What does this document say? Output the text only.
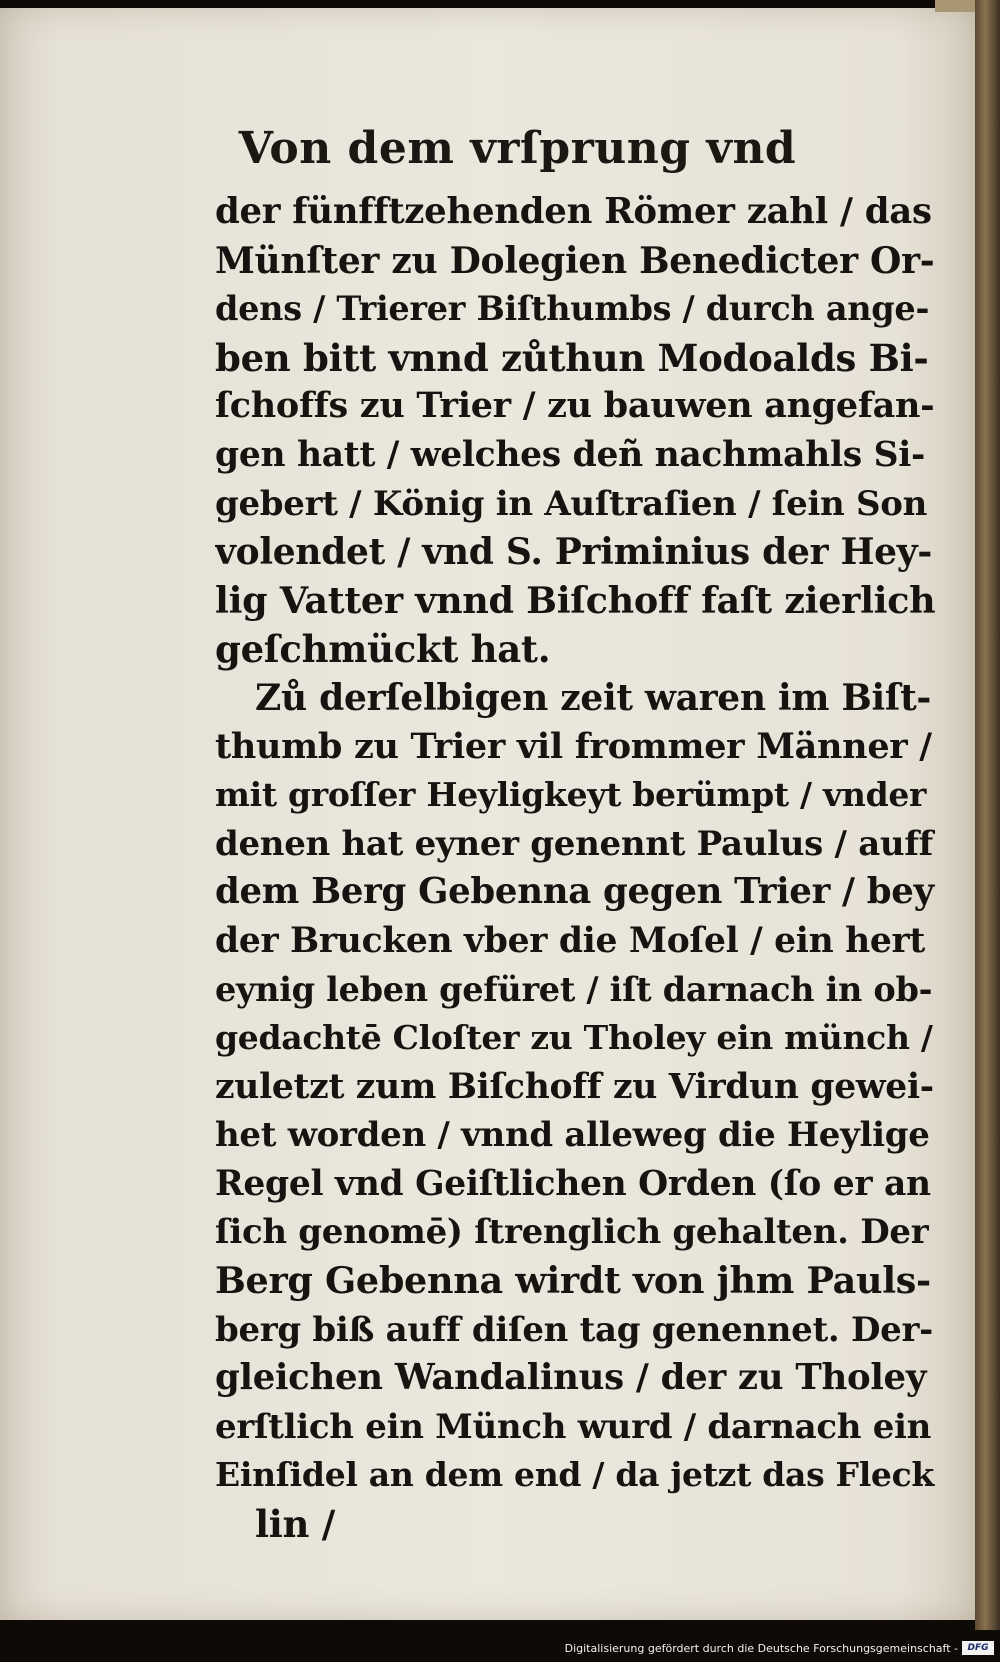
Von dem vrſprung vnd
der fünfftzehenden Römer zahl / das
Münſter zu Dolegien Benedicter Or-
dens / Trierer Biſthumbs / durch ange-
ben bitt vnnd zůthun Modoalds Bi-
ſchoffs zu Trier / zu bauwen angefan-
gen hatt / welches deñ nachmahls Si-
gebert / König in Auſtraſien / ſein Son
volendet / vnd S. Priminius der Hey-
lig Vatter vnnd Biſchoff faſt zierlich
geſchmückt hat.
Zů derſelbigen zeit waren im Biſt-
thumb zu Trier vil frommer Männer /
mit groſſer Heyligkeyt berümpt / vnder
denen hat eyner genennt Paulus / auff
dem Berg Gebenna gegen Trier / bey
der Brucken vber die Moſel / ein hert
eynig leben gefüret / iſt darnach in ob-
gedachtē Cloſter zu Tholey ein münch /
zuletzt zum Biſchoff zu Virdun gewei-
het worden / vnnd alleweg die Heylige
Regel vnd Geiſtlichen Orden (ſo er an
ſich genomē) ſtrenglich gehalten. Der
Berg Gebenna wirdt von jhm Pauls-
berg biß auff diſen tag genennet. Der-
gleichen Wandalinus / der zu Tholey
erſtlich ein Münch wurd / darnach ein
Einſidel an dem end / da jetzt das Fleck
lin /
Digitalisierung gefördert durch die Deutsche Forschungsgemeinschaft -	DFG
